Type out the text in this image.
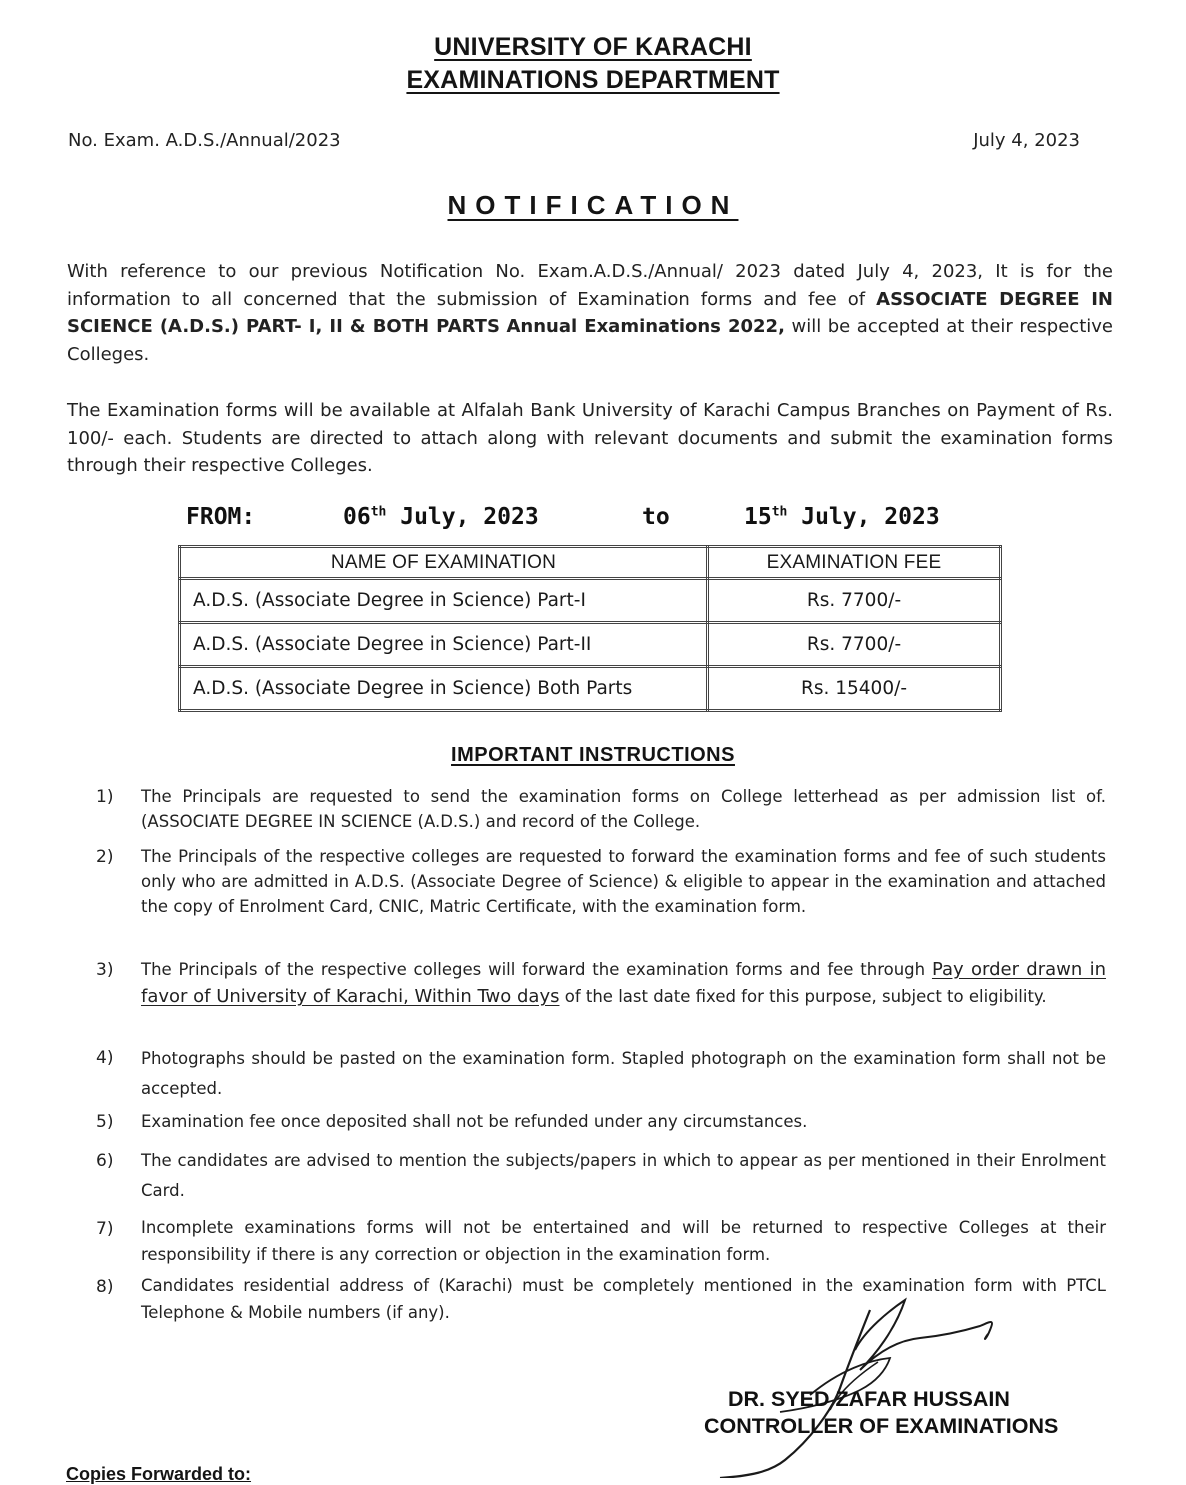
UNIVERSITY OF KARACHI
EXAMINATIONS DEPARTMENT
No. Exam. A.D.S./Annual/2023	July 4, 2023
NOTIFICATION
With reference to our previous Notification No. Exam.A.D.S./Annual/ 2023 dated July 4, 2023, It is for the information to all concerned that the submission of Examination forms and fee of ASSOCIATE DEGREE IN SCIENCE (A.D.S.) PART- I, II & BOTH PARTS Annual Examinations 2022, will be accepted at their respective Colleges.
The Examination forms will be available at Alfalah Bank University of Karachi Campus Branches on Payment of Rs. 100/- each. Students are directed to attach along with relevant documents and submit the examination forms through their respective Colleges.
FROM:	06th July, 2023	to	15th July, 2023
NAME OF EXAMINATION	EXAMINATION FEE
A.D.S. (Associate Degree in Science) Part-I	Rs. 7700/-
A.D.S. (Associate Degree in Science) Part-II	Rs. 7700/-
A.D.S. (Associate Degree in Science) Both Parts	Rs. 15400/-
IMPORTANT INSTRUCTIONS
1) The Principals are requested to send the examination forms on College letterhead as per admission list of. (ASSOCIATE DEGREE IN SCIENCE (A.D.S.) and record of the College.
2) The Principals of the respective colleges are requested to forward the examination forms and fee of such students only who are admitted in A.D.S. (Associate Degree of Science) & eligible to appear in the examination and attached the copy of Enrolment Card, CNIC, Matric Certificate, with the examination form.
3) The Principals of the respective colleges will forward the examination forms and fee through Pay order drawn in favor of University of Karachi, Within Two days of the last date fixed for this purpose, subject to eligibility.
4) Photographs should be pasted on the examination form. Stapled photograph on the examination form shall not be accepted.
5) Examination fee once deposited shall not be refunded under any circumstances.
6) The candidates are advised to mention the subjects/papers in which to appear as per mentioned in their Enrolment Card.
7) Incomplete examinations forms will not be entertained and will be returned to respective Colleges at their responsibility if there is any correction or objection in the examination form.
8) Candidates residential address of (Karachi) must be completely mentioned in the examination form with PTCL Telephone & Mobile numbers (if any).
DR. SYED ZAFAR HUSSAIN
CONTROLLER OF EXAMINATIONS
Copies Forwarded to:
